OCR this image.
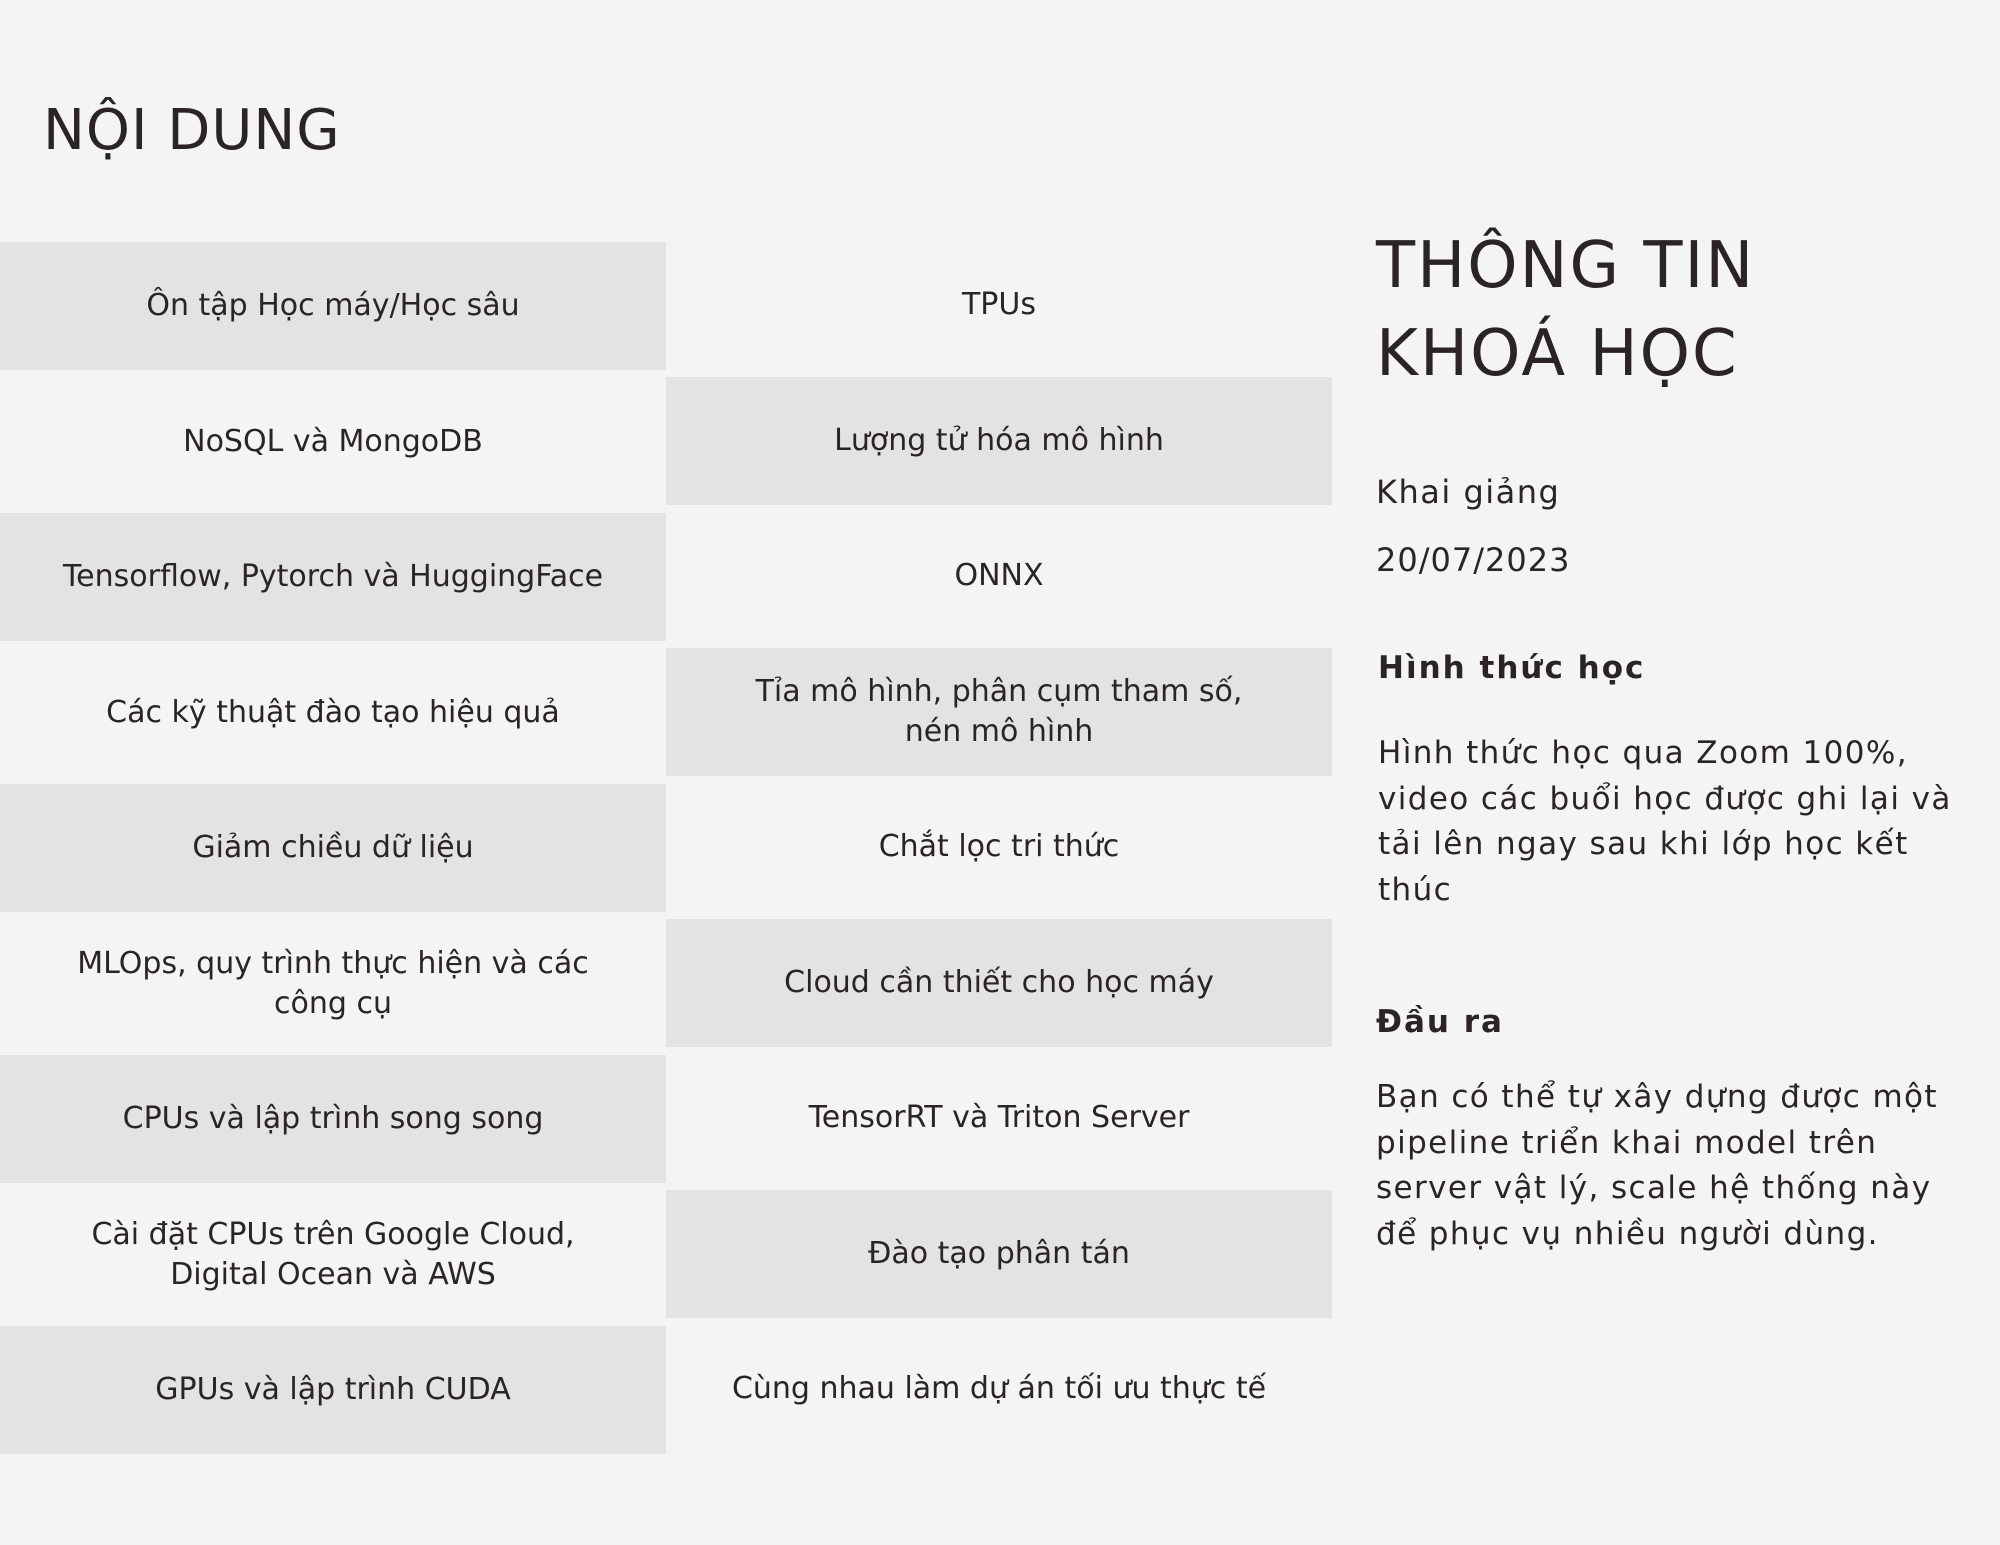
NỘI DUNG
Ôn tập Học máy/Học sâu
NoSQL và MongoDB
Tensorflow, Pytorch và HuggingFace
Các kỹ thuật đào tạo hiệu quả
Giảm chiều dữ liệu
MLOps, quy trình thực hiện và các
công cụ
CPUs và lập trình song song
Cài đặt CPUs trên Google Cloud,
Digital Ocean và AWS
GPUs và lập trình CUDA
TPUs
Lượng tử hóa mô hình
ONNX
Tỉa mô hình, phân cụm tham số,
nén mô hình
Chắt lọc tri thức
Cloud cần thiết cho học máy
TensorRT và Triton Server
Đào tạo phân tán
Cùng nhau làm dự án tối ưu thực tế
THÔNG TIN
KHOÁ HỌC

Khai giảng

20/07/2023

Hình thức học

Hình thức học qua Zoom 100%, video các buổi học được ghi lại và tải lên ngay sau khi lớp học kết thúc

Đầu ra

Bạn có thể tự xây dựng được một pipeline triển khai model trên server vật lý, scale hệ thống này để phục vụ nhiều người dùng.
